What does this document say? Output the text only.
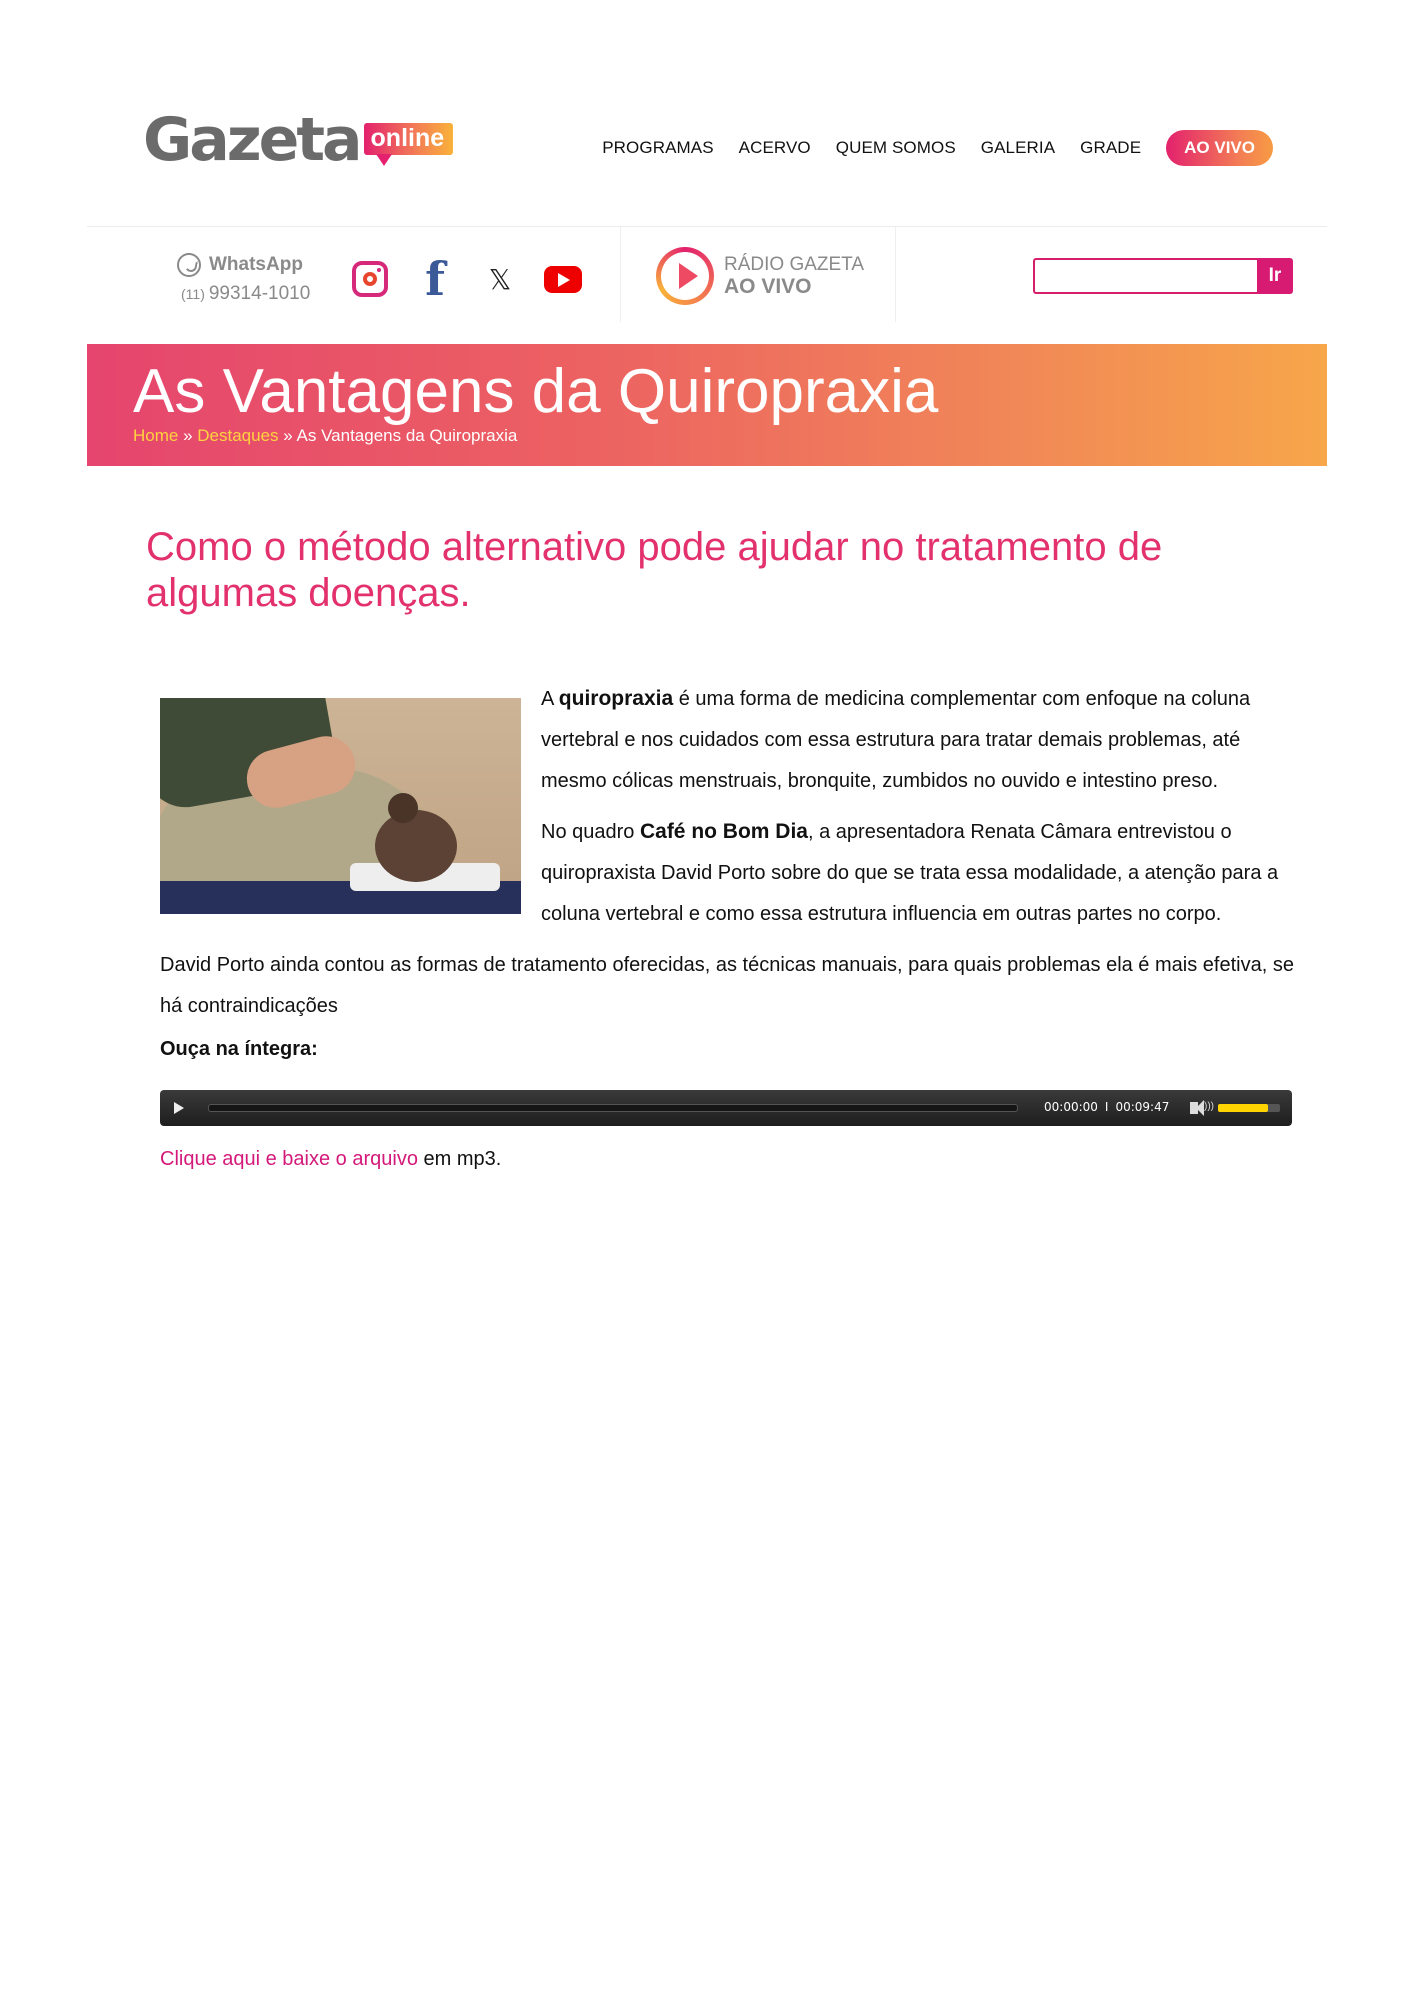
Gazeta online	PROGRAMAS ACERVO QUEM SOMOS GALERIA GRADE	AO VIVO
WhatsApp
(11) 99314-1010 f	𝕏	RÁDIO GAZETA
AO VIVO	Ir
As Vantagens da Quiropraxia
Home » Destaques » As Vantagens da Quiropraxia
Como o método alternativo pode ajudar no tratamento de algumas doenças.

A quiropraxia é uma forma de medicina complementar com enfoque na coluna vertebral e nos cuidados com essa estrutura para tratar demais problemas, até mesmo cólicas menstruais, bronquite, zumbidos no ouvido e intestino preso.

No quadro Café no Bom Dia, a apresentadora Renata Câmara entrevistou o quiropraxista David Porto sobre do que se trata essa modalidade, a atenção para a coluna vertebral e como essa estrutura influencia em outras partes no corpo.

David Porto ainda contou as formas de tratamento oferecidas, as técnicas manuais, para quais problemas ela é mais efetiva, se há contraindicações

Ouça na íntegra:
00:00:00 I 00:09:47	)))

Clique aqui e baixe o arquivo em mp3.
